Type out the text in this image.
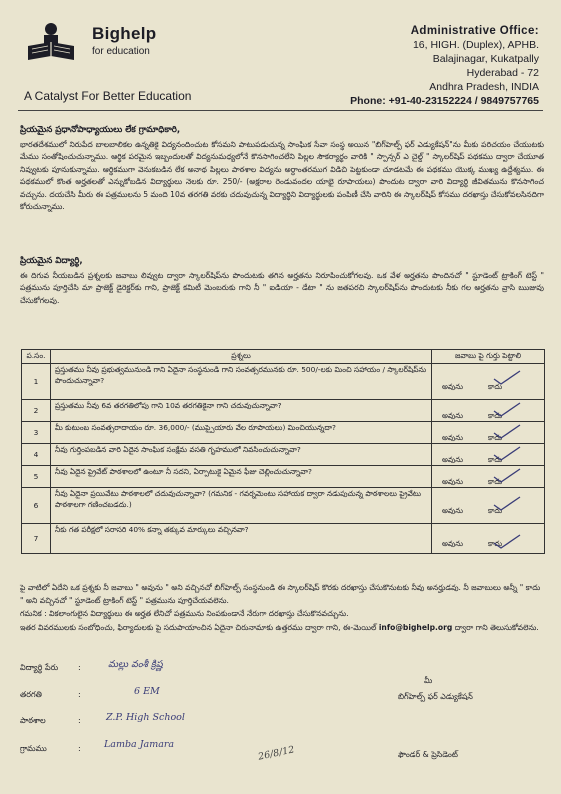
Bighelp
for education
A Catalyst For Better Education
Administrative Office:
16, HIGH. (Duplex), APHB.
Balajinagar, Kukatpally
Hyderabad - 72
Andhra Pradesh, INDIA
Phone: +91-40-23152224 / 9849757765
ప్రియమైన ప్రధానోపాధ్యాయులు లేక గ్రామాధికారి,
భారతదేశములో నిరుపేద బాలబాలికల ఉన్నతికై విద్యనందించుట కోసమని పాటుపడుచున్న సాంఘిక సేవా సంస్థ అయిన "బిగ్‌హెల్ప్ ఫర్ ఎడ్యుకేషన్"ను మీకు పరిచయం చేయుటకు మేము సంతోషించుచున్నాము. ఆర్థిక పరమైన ఇబ్బందులతో విద్యనుమధ్యలోనే కొనసాగించలేని పిల్లల సౌకర్యార్థం వారికి " స్పాన్సర్ ఎ చైల్డ్ " స్కాలర్‌షిప్ పథకము ద్వారా చేయూత నివ్వుటకు పూనుకున్నాము. ఆర్థికముగా వెనుకబడిన లేక అనాథ పిల్లలు పాఠశాల విద్యను అర్ధాంతరముగ విడిచి పెట్టకుండా చూడటమే ఈ పథకము యొక్క ముఖ్య ఉద్దేశ్యము. ఈ పథకములో కొంత అర్హతలతో ఎన్నుకోబడిన విద్యార్థులు నెలకు రూ. 250/- (అక్షరాల రెండువందల యాభై రూపాయలు) పొందుట ద్వారా వారి విద్యార్థి జీవితమును కొనసాగించ వచ్చును. దయచేసి మీరు ఈ పత్రములను 5 మంది 10వ తరగతి వరకు చదువుచున్న విద్యార్థిని విద్యార్థులకు పంపిణీ చేసి వారిని ఈ స్కాలర్‌షిప్ కోసము దరఖాస్తు చేసుకోవలసినదిగా కోరుచున్నాము.
ప్రియమైన విద్యార్థి,
ఈ దిగువ నీయబడిన ప్రశ్నలకు జవాబు లివ్వుట ద్వారా స్కాలర్‌షిప్‌ను పొందుటకు తగిన అర్హతను నిరూపించుకోగలవు. ఒక వేళ అర్హతను పొందినచో " స్టూడెంట్ ట్రాకింగ్ టెస్ట్ " పత్రమును పూర్తిచేసి మా ప్రాజెక్ట్ డైరెక్టర్‌కు గాని, ప్రాజెక్ట్ కమిటీ మెంబరుకు గాని నీ " ఐడియా - డేటా " ను జతపరచి స్కాలర్‌షిప్‌ను పొందుటకు నీకు గల అర్హతను వ్రాసి ఋజువు చేసుకోగలవు.
ప.సం.	ప్రశ్నలు	జవాబు పై గుర్తు పెట్టాలి
1	ప్రస్తుతము నీవు ప్రభుత్వమునుండి గాని ఏదైనా సంస్థనుండి గాని సంవత్సరమునకు రూ. 500/-లకు మించి సహాయం / స్కాలర్‌షిప్‌ను పొందుచున్నావా?	అవును కాదు

2	ప్రస్తుతము నీవు 6వ తరగతిలోపు గాని 10వ తరగతికైనా గాని చదువుచున్నావా?	అవును కాదు

3	మీ కుటుంబ సంవత్సరాదాయం రూ. 36,000/- (ముప్పైయారు వేల రూపాయలు) మించియున్నదా?	అవును కాదు

4	నీవు గుర్తింపబడిన వారి ఏదైన సాంఘిక సంక్షేమ వసతి గృహములో నివసించుచున్నావా?	అవును కాదు

5	నీవు ఏదైన ప్రైవేట్ పాఠశాలలో ఉంటూ నీ సదని, ఏర్పాటుకై ఏమైన ఫీజు చెల్లించుచున్నావా?	అవును కాదు

6	నీవు ఏదైనా ప్రయివేటు పాఠశాలలో చదువుచున్నావా? (గమనిక - గవర్నమెంటు సహాయక ద్వారా నడుపుచున్న పాఠశాలలు ప్రైవేటు పాఠశాలగా గణించబడదు.)	అవును కాదు

7	నీకు గత పరీక్షలో సరాసరి 40% కన్నా తక్కువ మార్కులు వచ్చినవా?	అవును కాదు
పై వాటిలో ఏదేని ఒక ప్రశ్నకు నీ జవాబు " అవును " అని వచ్చినచో బిగ్‌హెల్ప్ సంస్థనుండి ఈ స్కాలర్‌షిప్ కొరకు దరఖాస్తు చేసుకొనుటకు నీవు అనర్హుడవు. నీ జవాబులు అన్నీ " కాదు " అని వచ్చినచో " స్టూడెంట్ ట్రాకింగ్ టెస్ట్ " పత్రమును పూర్తిచేయవలెను.
గమనిక : వికలాంగులైన విద్యార్థులు ఈ అర్హత లేనిచో పత్రమును నింపకుండానే నేరుగా దరఖాస్తు చేసుకొనవచ్చును.
ఇతర వివరములకు సంబోధించు, ఫిర్యాదులకు పై సదుపాయాంచిన ఏదైనా చిరునామాకు ఉత్తరము ద్వారా గాని, ఈ-మెయిల్ info@bighelp.org ద్వారా గాని తెలుసుకోవలెను.
విద్యార్థి పేరు :	మల్లు వంశీ క్రిష్ణ
తరగతి	:	6 EM
పాఠశాల	:	Z.P. High School
గ్రామము	: Lamba Jamara	26/8/12
మీ
బిగ్‌హెల్ప్ ఫర్ ఎడ్యుకేషన్
ఫౌండర్ & ప్రెసిడెంట్
